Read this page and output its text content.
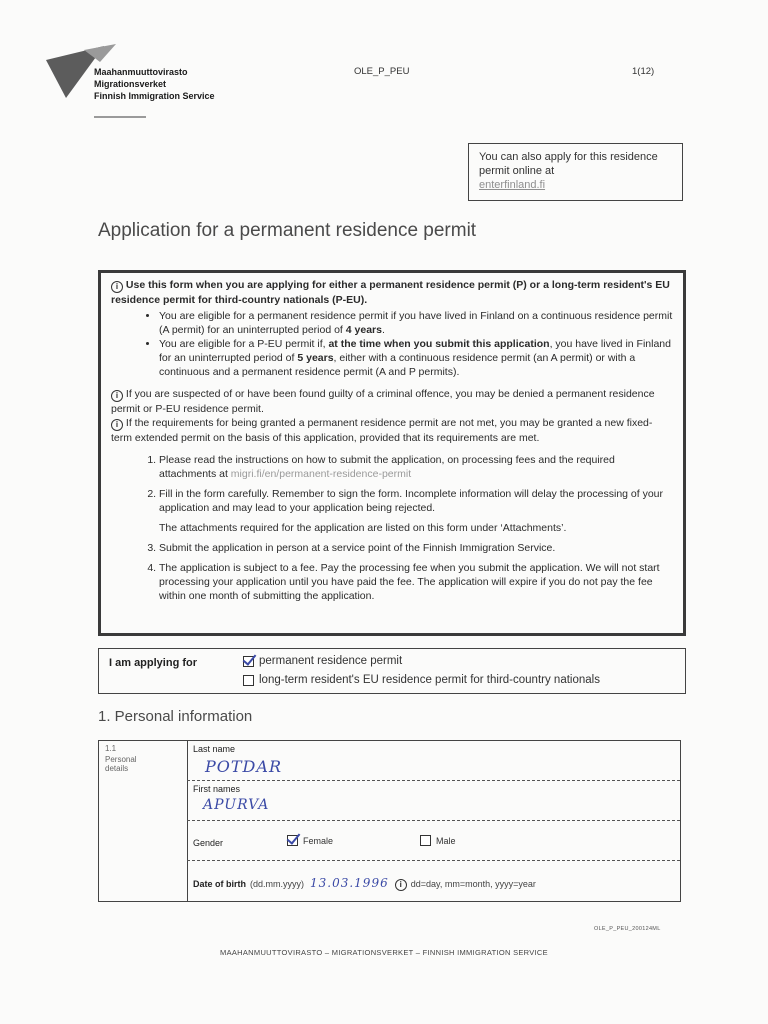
Maahanmuuttovirasto
Migrationsverket
Finnish Immigration Service
OLE_P_PEU	1(12)
You can also apply for this residence permit online at
enterfinland.fi
Application for a permanent residence permit

i Use this form when you are applying for either a permanent residence permit (P) or a long-term resident's EU residence permit for third-country nationals (P-EU).

• You are eligible for a permanent residence permit if you have lived in Finland on a continuous residence permit (A permit) for an uninterrupted period of 4 years.
• You are eligible for a P-EU permit if, at the time when you submit this application, you have lived in Finland for an uninterrupted period of 5 years, either with a continuous residence permit (an A permit) or with a continuous and a permanent residence permit (A and P permits).

i If you are suspected of or have been found guilty of a criminal offence, you may be denied a permanent residence permit or P-EU residence permit.

i If the requirements for being granted a permanent residence permit are not met, you may be granted a new fixed-term extended permit on the basis of this application, provided that its requirements are met.

1. Please read the instructions on how to submit the application, on processing fees and the required attachments at migri.fi/en/permanent-residence-permit
2. Fill in the form carefully. Remember to sign the form. Incomplete information will delay the processing of your application and may lead to your application being rejected.
The attachments required for the application are listed on this form under ‘Attachments’.
3. Submit the application in person at a service point of the Finnish Immigration Service.
4. The application is subject to a fee. Pay the processing fee when you submit the application. We will not start processing your application until you have paid the fee. The application will expire if you do not pay the fee within one month of submitting the application.
I am applying for	permanent residence permit
long-term resident's EU residence permit for third-country nationals
1. Personal information
1.1
Personal
details
Last name
POTDAR
First names
APURVA
Gender	Female	Male
Date of birth (dd.mm.yyyy) 13.03.1996	i dd=day, mm=month, yyyy=year
OLE_P_PEU_200124ML
MAAHANMUUTTOVIRASTO – MIGRATIONSVERKET – FINNISH IMMIGRATION SERVICE
